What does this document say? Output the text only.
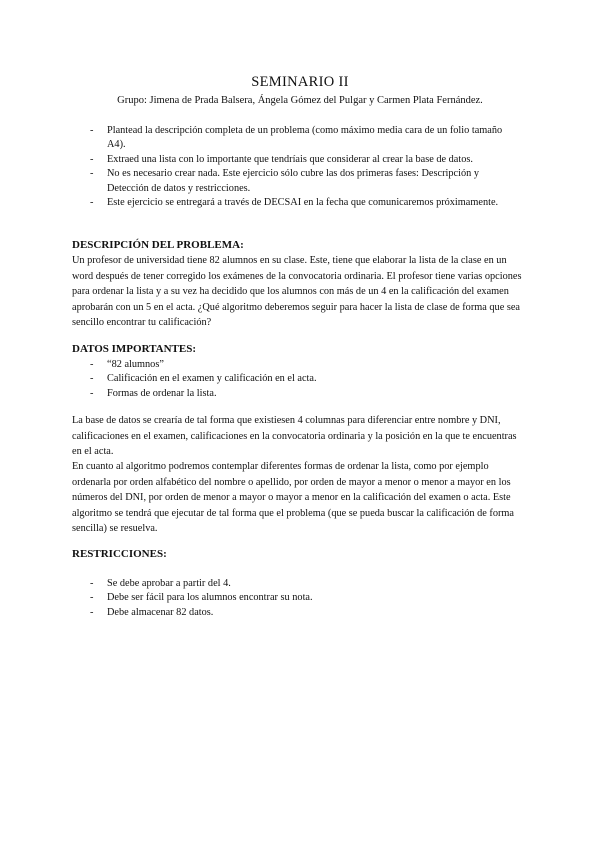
SEMINARIO II
Grupo: Jimena de Prada Balsera, Ángela Gómez del Pulgar y Carmen Plata Fernández.
- Plantead la descripción completa de un problema (como máximo media cara de un folio tamaño A4).
- Extraed una lista con lo importante que tendríais que considerar al crear la base de datos.
- No es necesario crear nada. Este ejercicio sólo cubre las dos primeras fases: Descripción y Detección de datos y restricciones.
- Este ejercicio se entregará a través de DECSAI en la fecha que comunicaremos próximamente.
DESCRIPCIÓN DEL PROBLEMA:
Un profesor de universidad tiene 82 alumnos en su clase. Este, tiene que elaborar la lista de la clase en un word después de tener corregido los exámenes de la convocatoria ordinaria. El profesor tiene varias opciones para ordenar la lista y a su vez ha decidido que los alumnos con más de un 4 en la calificación del examen aprobarán con un 5 en el acta. ¿Qué algoritmo deberemos seguir para hacer la lista de clase de forma que sea sencillo encontrar tu calificación?
DATOS IMPORTANTES:
- “82 alumnos”
- Calificación en el examen y calificación en el acta.
- Formas de ordenar la lista.
La base de datos se crearía de tal forma que existiesen 4 columnas para diferenciar entre nombre y DNI, calificaciones en el examen, calificaciones en la convocatoria ordinaria y la posición en la que te encuentras en el acta.
En cuanto al algoritmo podremos contemplar diferentes formas de ordenar la lista, como por ejemplo ordenarla por orden alfabético del nombre o apellido, por orden de mayor a menor o menor a mayor en los números del DNI, por orden de menor a mayor o mayor a menor en la calificación del examen o acta. Este algoritmo se tendrá que ejecutar de tal forma que el problema (que se pueda buscar la calificación de forma sencilla) se resuelva.
RESTRICCIONES:
- Se debe aprobar a partir del 4.
- Debe ser fácil para los alumnos encontrar su nota.
- Debe almacenar 82 datos.
